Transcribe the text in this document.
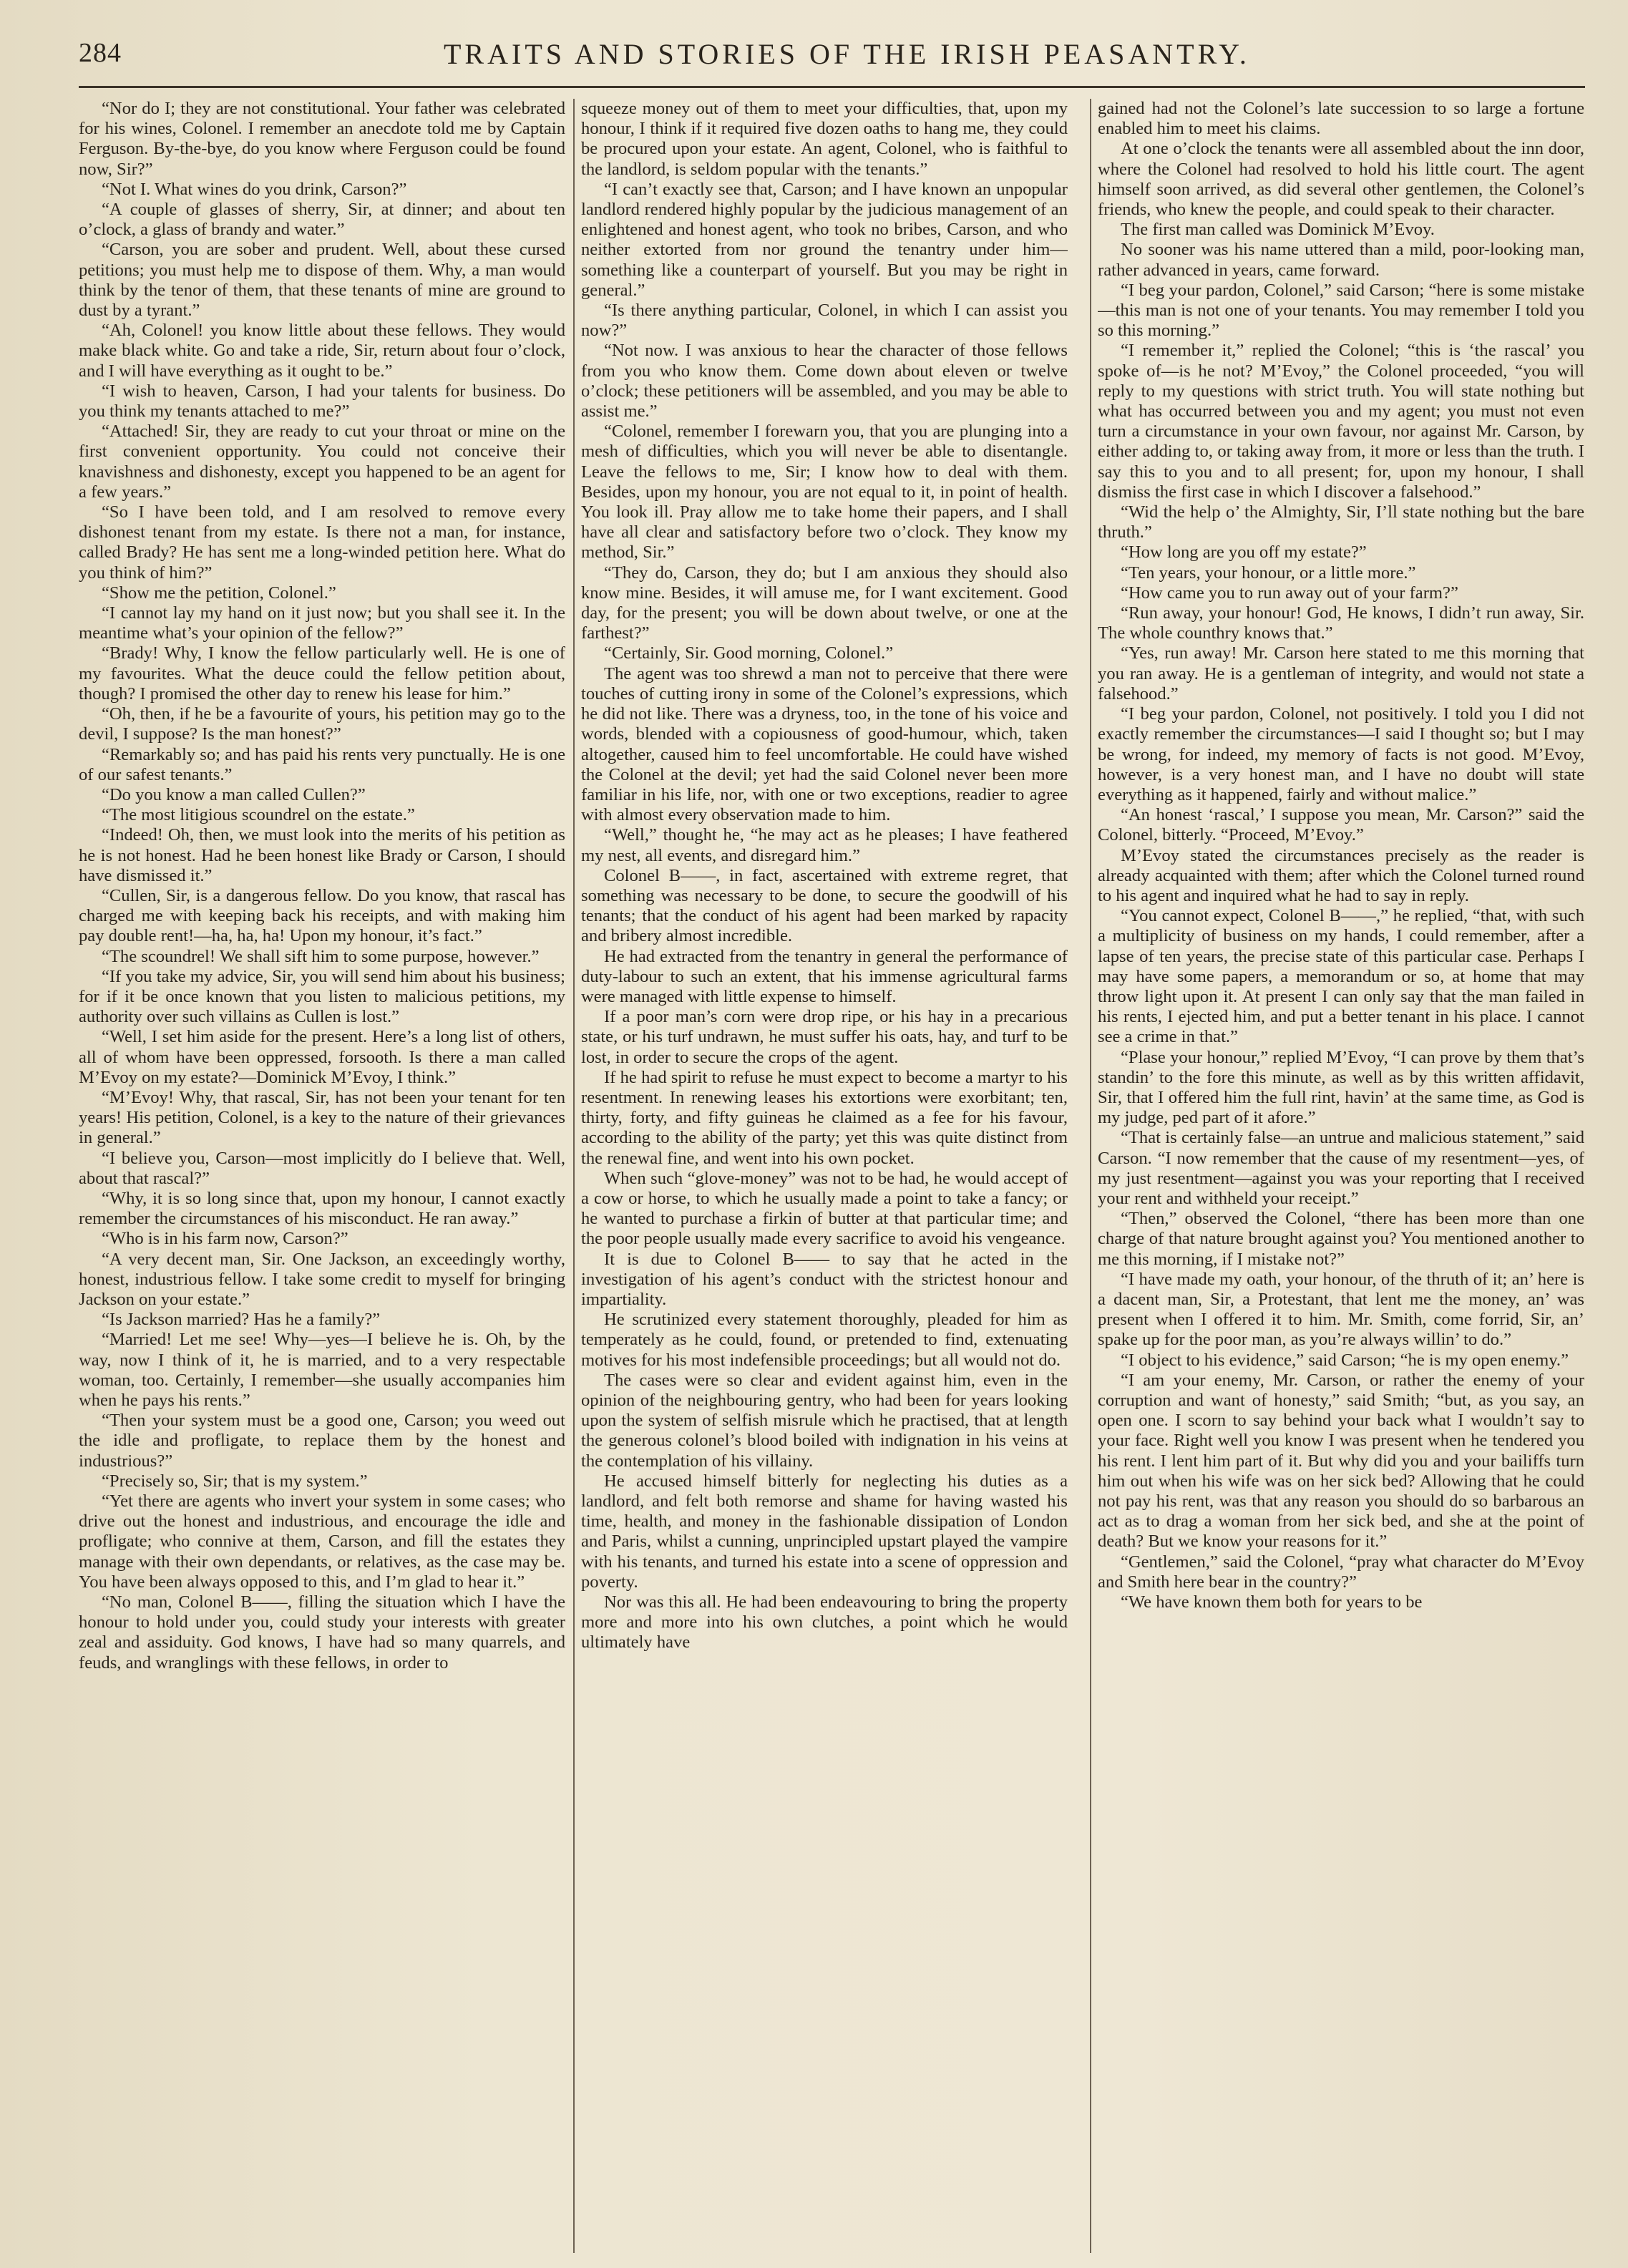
284	TRAITS AND STORIES OF THE IRISH PEASANTRY.

“Nor do I; they are not constitutional. Your father was celebrated for his wines, Colonel. I remember an anecdote told me by Captain Ferguson. By-the-bye, do you know where Ferguson could be found now, Sir?”

“Not I. What wines do you drink, Carson?”

“A couple of glasses of sherry, Sir, at dinner; and about ten o’clock, a glass of brandy and water.”

“Carson, you are sober and prudent. Well, about these cursed petitions; you must help me to dispose of them. Why, a man would think by the tenor of them, that these tenants of mine are ground to dust by a tyrant.”

“Ah, Colonel! you know little about these fellows. They would make black white. Go and take a ride, Sir, return about four o’clock, and I will have everything as it ought to be.”

“I wish to heaven, Carson, I had your talents for business. Do you think my tenants attached to me?”

“Attached! Sir, they are ready to cut your throat or mine on the first convenient opportunity. You could not conceive their knavishness and dishonesty, except you happened to be an agent for a few years.”

“So I have been told, and I am resolved to remove every dishonest tenant from my estate. Is there not a man, for instance, called Brady? He has sent me a long-winded petition here. What do you think of him?”

“Show me the petition, Colonel.”

“I cannot lay my hand on it just now; but you shall see it. In the meantime what’s your opinion of the fellow?”

“Brady! Why, I know the fellow particularly well. He is one of my favourites. What the deuce could the fellow petition about, though? I promised the other day to renew his lease for him.”

“Oh, then, if he be a favourite of yours, his petition may go to the devil, I suppose? Is the man honest?”

“Remarkably so; and has paid his rents very punctually. He is one of our safest tenants.”

“Do you know a man called Cullen?”

“The most litigious scoundrel on the estate.”

“Indeed! Oh, then, we must look into the merits of his petition as he is not honest. Had he been honest like Brady or Carson, I should have dismissed it.”

“Cullen, Sir, is a dangerous fellow. Do you know, that rascal has charged me with keeping back his receipts, and with making him pay double rent!—ha, ha, ha! Upon my honour, it’s fact.”

“The scoundrel! We shall sift him to some purpose, however.”

“If you take my advice, Sir, you will send him about his business; for if it be once known that you listen to malicious petitions, my authority over such villains as Cullen is lost.”

“Well, I set him aside for the present. Here’s a long list of others, all of whom have been oppressed, forsooth. Is there a man called M’Evoy on my estate?—Dominick M’Evoy, I think.”

“M’Evoy! Why, that rascal, Sir, has not been your tenant for ten years! His petition, Colonel, is a key to the nature of their grievances in general.”

“I believe you, Carson—most implicitly do I believe that. Well, about that rascal?”

“Why, it is so long since that, upon my honour, I cannot exactly remember the circumstances of his misconduct. He ran away.”

“Who is in his farm now, Carson?”

“A very decent man, Sir. One Jackson, an exceedingly worthy, honest, industrious fellow. I take some credit to myself for bringing Jackson on your estate.”

“Is Jackson married? Has he a family?”

“Married! Let me see! Why—yes—I believe he is. Oh, by the way, now I think of it, he is married, and to a very respectable woman, too. Certainly, I remember—she usually accompanies him when he pays his rents.”

“Then your system must be a good one, Carson; you weed out the idle and profligate, to replace them by the honest and industrious?”

“Precisely so, Sir; that is my system.”

“Yet there are agents who invert your system in some cases; who drive out the honest and industrious, and encourage the idle and profligate; who connive at them, Carson, and fill the estates they manage with their own dependants, or relatives, as the case may be. You have been always opposed to this, and I’m glad to hear it.”

“No man, Colonel B——, filling the situation which I have the honour to hold under you, could study your interests with greater zeal and assiduity. God knows, I have had so many quarrels, and feuds, and wranglings with these fellows, in order to

squeeze money out of them to meet your difficulties, that, upon my honour, I think if it required five dozen oaths to hang me, they could be procured upon your estate. An agent, Colonel, who is faithful to the landlord, is seldom popular with the tenants.”

“I can’t exactly see that, Carson; and I have known an unpopular landlord rendered highly popular by the judicious management of an enlightened and honest agent, who took no bribes, Carson, and who neither extorted from nor ground the tenantry under him—something like a counterpart of yourself. But you may be right in general.”

“Is there anything particular, Colonel, in which I can assist you now?”

“Not now. I was anxious to hear the character of those fellows from you who know them. Come down about eleven or twelve o’clock; these petitioners will be assembled, and you may be able to assist me.”

“Colonel, remember I forewarn you, that you are plunging into a mesh of difficulties, which you will never be able to disentangle. Leave the fellows to me, Sir; I know how to deal with them. Besides, upon my honour, you are not equal to it, in point of health. You look ill. Pray allow me to take home their papers, and I shall have all clear and satisfactory before two o’clock. They know my method, Sir.”

“They do, Carson, they do; but I am anxious they should also know mine. Besides, it will amuse me, for I want excitement. Good day, for the present; you will be down about twelve, or one at the farthest?”

“Certainly, Sir. Good morning, Colonel.”

The agent was too shrewd a man not to perceive that there were touches of cutting irony in some of the Colonel’s expressions, which he did not like. There was a dryness, too, in the tone of his voice and words, blended with a copiousness of good-humour, which, taken altogether, caused him to feel uncomfortable. He could have wished the Colonel at the devil; yet had the said Colonel never been more familiar in his life, nor, with one or two exceptions, readier to agree with almost every observation made to him.

“Well,” thought he, “he may act as he pleases; I have feathered my nest, all events, and disregard him.”

Colonel B——, in fact, ascertained with extreme regret, that something was necessary to be done, to secure the goodwill of his tenants; that the conduct of his agent had been marked by rapacity and bribery almost incredible.

He had extracted from the tenantry in general the performance of duty-labour to such an extent, that his immense agricultural farms were managed with little expense to himself.

If a poor man’s corn were drop ripe, or his hay in a precarious state, or his turf undrawn, he must suffer his oats, hay, and turf to be lost, in order to secure the crops of the agent.

If he had spirit to refuse he must expect to become a martyr to his resentment. In renewing leases his extortions were exorbitant; ten, thirty, forty, and fifty guineas he claimed as a fee for his favour, according to the ability of the party; yet this was quite distinct from the renewal fine, and went into his own pocket.

When such “glove-money” was not to be had, he would accept of a cow or horse, to which he usually made a point to take a fancy; or he wanted to purchase a firkin of butter at that particular time; and the poor people usually made every sacrifice to avoid his vengeance.

It is due to Colonel B—— to say that he acted in the investigation of his agent’s conduct with the strictest honour and impartiality.

He scrutinized every statement thoroughly, pleaded for him as temperately as he could, found, or pretended to find, extenuating motives for his most indefensible proceedings; but all would not do.

The cases were so clear and evident against him, even in the opinion of the neighbouring gentry, who had been for years looking upon the system of selfish misrule which he practised, that at length the generous colonel’s blood boiled with indignation in his veins at the contemplation of his villainy.

He accused himself bitterly for neglecting his duties as a landlord, and felt both remorse and shame for having wasted his time, health, and money in the fashionable dissipation of London and Paris, whilst a cunning, unprincipled upstart played the vampire with his tenants, and turned his estate into a scene of oppression and poverty.

Nor was this all. He had been endeavouring to bring the property more and more into his own clutches, a point which he would ultimately have

gained had not the Colonel’s late succession to so large a fortune enabled him to meet his claims.

At one o’clock the tenants were all assembled about the inn door, where the Colonel had resolved to hold his little court. The agent himself soon arrived, as did several other gentlemen, the Colonel’s friends, who knew the people, and could speak to their character.

The first man called was Dominick M’Evoy.

No sooner was his name uttered than a mild, poor-looking man, rather advanced in years, came forward.

“I beg your pardon, Colonel,” said Carson; “here is some mistake—this man is not one of your tenants. You may remember I told you so this morning.”

“I remember it,” replied the Colonel; “this is ‘the rascal’ you spoke of—is he not? M’Evoy,” the Colonel proceeded, “you will reply to my questions with strict truth. You will state nothing but what has occurred between you and my agent; you must not even turn a circumstance in your own favour, nor against Mr. Carson, by either adding to, or taking away from, it more or less than the truth. I say this to you and to all present; for, upon my honour, I shall dismiss the first case in which I discover a falsehood.”

“Wid the help o’ the Almighty, Sir, I’ll state nothing but the bare thruth.”

“How long are you off my estate?”

“Ten years, your honour, or a little more.”

“How came you to run away out of your farm?”

“Run away, your honour! God, He knows, I didn’t run away, Sir. The whole counthry knows that.”

“Yes, run away! Mr. Carson here stated to me this morning that you ran away. He is a gentleman of integrity, and would not state a falsehood.”

“I beg your pardon, Colonel, not positively. I told you I did not exactly remember the circumstances—I said I thought so; but I may be wrong, for indeed, my memory of facts is not good. M’Evoy, however, is a very honest man, and I have no doubt will state everything as it happened, fairly and without malice.”

“An honest ‘rascal,’ I suppose you mean, Mr. Carson?” said the Colonel, bitterly. “Proceed, M’Evoy.”

M’Evoy stated the circumstances precisely as the reader is already acquainted with them; after which the Colonel turned round to his agent and inquired what he had to say in reply.

“You cannot expect, Colonel B——,” he replied, “that, with such a multiplicity of business on my hands, I could remember, after a lapse of ten years, the precise state of this particular case. Perhaps I may have some papers, a memorandum or so, at home that may throw light upon it. At present I can only say that the man failed in his rents, I ejected him, and put a better tenant in his place. I cannot see a crime in that.”

“Plase your honour,” replied M’Evoy, “I can prove by them that’s standin’ to the fore this minute, as well as by this written affidavit, Sir, that I offered him the full rint, havin’ at the same time, as God is my judge, ped part of it afore.”

“That is certainly false—an untrue and malicious statement,” said Carson. “I now remember that the cause of my resentment—yes, of my just resentment—against you was your reporting that I received your rent and withheld your receipt.”

“Then,” observed the Colonel, “there has been more than one charge of that nature brought against you? You mentioned another to me this morning, if I mistake not?”

“I have made my oath, your honour, of the thruth of it; an’ here is a dacent man, Sir, a Protestant, that lent me the money, an’ was present when I offered it to him. Mr. Smith, come forrid, Sir, an’ spake up for the poor man, as you’re always willin’ to do.”

“I object to his evidence,” said Carson; “he is my open enemy.”

“I am your enemy, Mr. Carson, or rather the enemy of your corruption and want of honesty,” said Smith; “but, as you say, an open one. I scorn to say behind your back what I wouldn’t say to your face. Right well you know I was present when he tendered you his rent. I lent him part of it. But why did you and your bailiffs turn him out when his wife was on her sick bed? Allowing that he could not pay his rent, was that any reason you should do so barbarous an act as to drag a woman from her sick bed, and she at the point of death? But we know your reasons for it.”

“Gentlemen,” said the Colonel, “pray what character do M’Evoy and Smith here bear in the country?”

“We have known them both for years to be
